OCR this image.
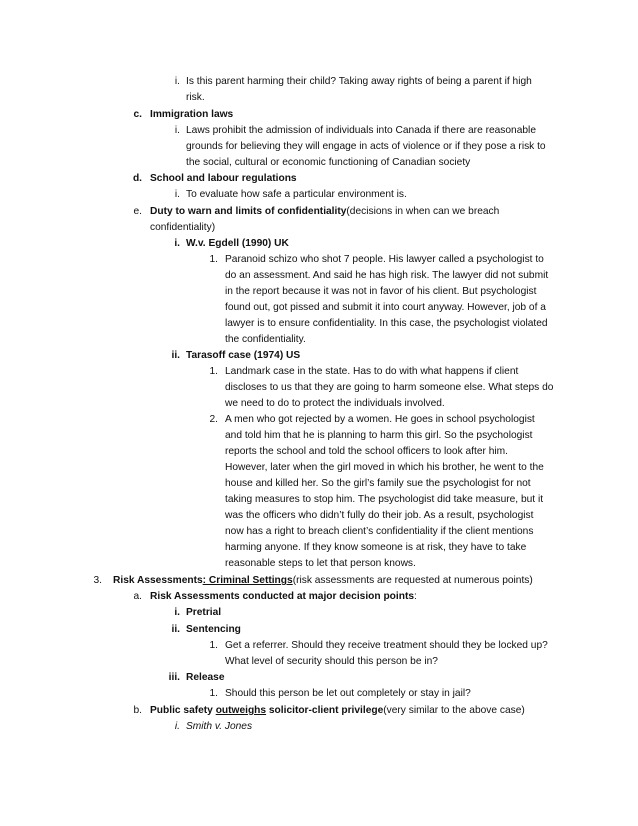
i. Is this parent harming their child? Taking away rights of being a parent if high
risk.
c. Immigration laws
i. Laws prohibit the admission of individuals into Canada if there are reasonable
grounds for believing they will engage in acts of violence or if they pose a risk to
the social, cultural or economic functioning of Canadian society
d. School and labour regulations
i. To evaluate how safe a particular environment is.
e. Duty to warn and limits of confidentiality(decisions in when can we breach
confidentiality)
i. W.v. Egdell (1990) UK
1. Paranoid schizo who shot 7 people. His lawyer called a psychologist to
do an assessment. And said he has high risk. The lawyer did not submit
in the report because it was not in favor of his client. But psychologist
found out, got pissed and submit it into court anyway. However, job of a
lawyer is to ensure confidentiality. In this case, the psychologist violated
the confidentiality.
ii. Tarasoff case (1974) US
1. Landmark case in the state. Has to do with what happens if client
discloses to us that they are going to harm someone else. What steps do
we need to do to protect the individuals involved.
2. A men who got rejected by a women. He goes in school psychologist
and told him that he is planning to harm this girl. So the psychologist
reports the school and told the school officers to look after him.
However, later when the girl moved in which his brother, he went to the
house and killed her. So the girl’s family sue the psychologist for not
taking measures to stop him. The psychologist did take measure, but it
was the officers who didn’t fully do their job. As a result, psychologist
now has a right to breach client’s confidentiality if the client mentions
harming anyone. If they know someone is at risk, they have to take
reasonable steps to let that person knows.
3. Risk Assessments: Criminal Settings(risk assessments are requested at numerous points)
a. Risk Assessments conducted at major decision points:
i. Pretrial
ii. Sentencing
1. Get a referrer. Should they receive treatment should they be locked up?
What level of security should this person be in?
iii. Release
1. Should this person be let out completely or stay in jail?
b. Public safety outweighs solicitor-client privilege(very similar to the above case)
i. Smith v. Jones
